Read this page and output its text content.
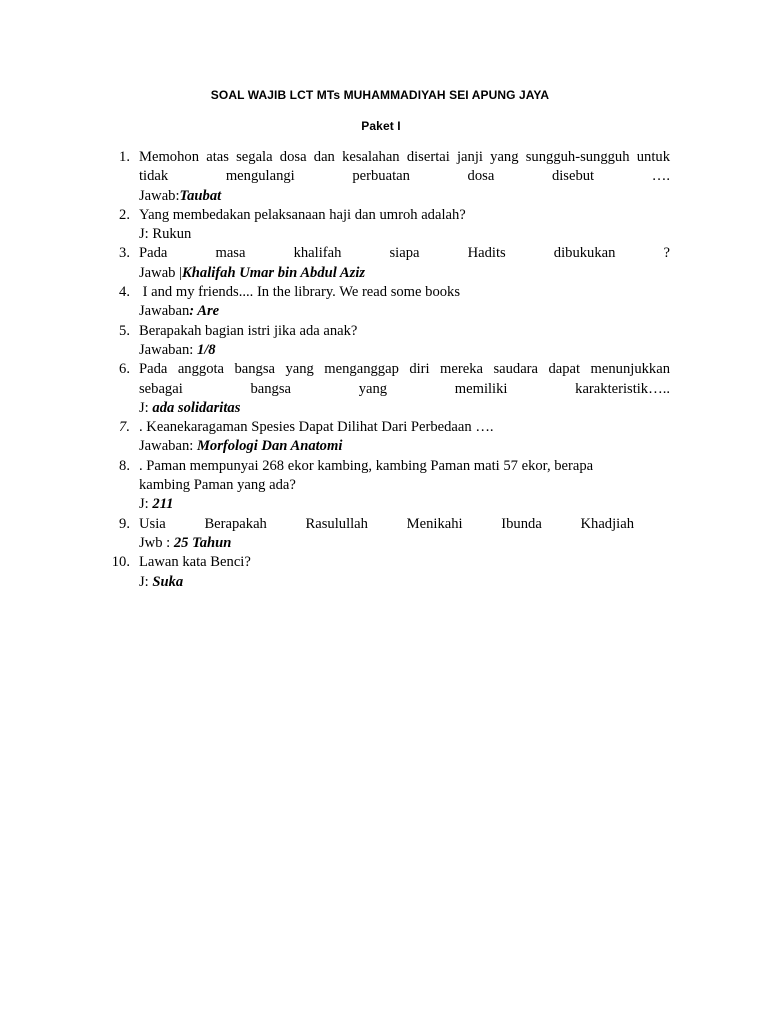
SOAL WAJIB LCT MTs MUHAMMADIYAH SEI APUNG JAYA
Paket I
1. Memohon atas segala dosa dan kesalahan disertai janji yang sungguh-sungguh untuk
tidak mengulangi perbuatan dosa disebut ….
Jawab:Taubat
2. Yang membedakan pelaksanaan haji dan umroh adalah?
J: Rukun
3. Pada masa khalifah siapa Hadits dibukukan ?
Jawab |Khalifah Umar bin Abdul Aziz
4. I and my friends.... In the library. We read some books
Jawaban: Are
5. Berapakah bagian istri jika ada anak?
Jawaban: 1/8
6. Pada anggota bangsa yang menganggap diri mereka saudara dapat menunjukkan
sebagai bangsa yang memiliki karakteristik…..
J: ada solidaritas
7. . Keanekaragaman Spesies Dapat Dilihat Dari Perbedaan ….
Jawaban: Morfologi Dan Anatomi
8. . Paman mempunyai 268 ekor kambing, kambing Paman mati 57 ekor, berapa
kambing Paman yang ada?
J: 211
9. Usia Berapakah Rasulullah Menikahi Ibunda Khadjiah
Jwb : 25 Tahun
10. Lawan kata Benci?
J: Suka
